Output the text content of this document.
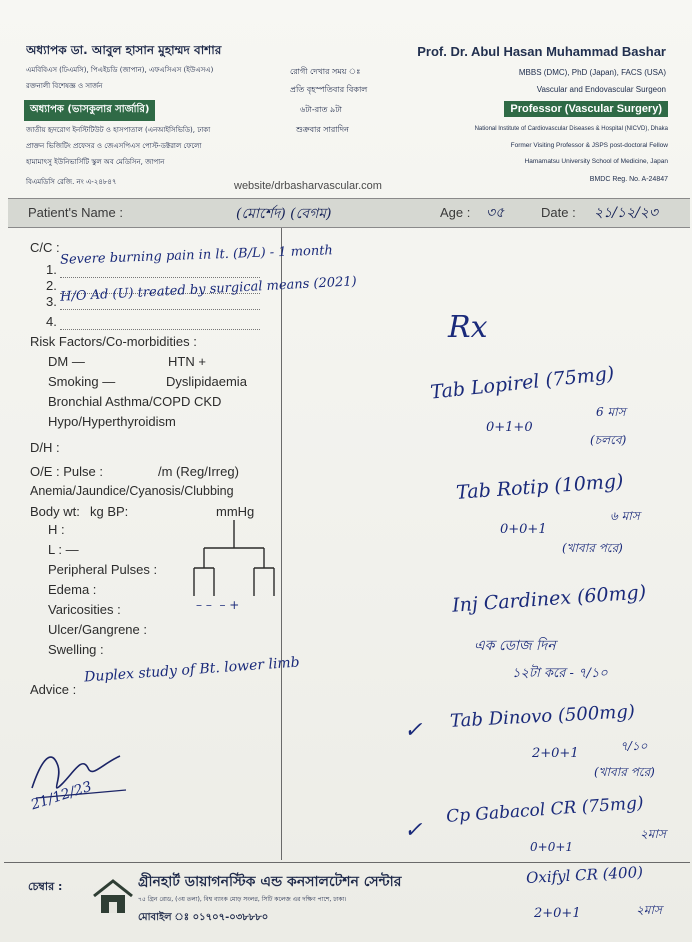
অধ্যাপক ডা. আবুল হাসান মুহাম্মদ বাশার
এমবিবিএস (ঢিএমসি), পিএইচডি (জাপান), এফএসিএস (ইউএসএ)
রক্তনালী বিশেষজ্ঞ ও সার্জন
অধ্যাপক (ভাসকুলার সার্জারি)
জাতীয় হৃদরোগ ইনস্টিটিউট ও হাসপাতাল (এনআইসিভিডি), ঢাকা
প্রাক্তন ভিজিটিং প্রফেসর ও জেএসপিএস পোস্ট-ডক্টরাল ফেলো
হামামাৎসু ইউনিভার্সিটি স্কুল অব মেডিসিন, জাপান
বিএমডিসি রেজি. নং এ-২৪৮৪৭
রোগী দেখার সময় ঃ
প্রতি বৃহস্পতিবার বিকাল
৬টা-রাত ৯টা
শুক্রবার সারাদিন
Prof. Dr. Abul Hasan Muhammad Bashar
MBBS (DMC), PhD (Japan), FACS (USA)
Vascular and Endovascular Surgeon
Professor (Vascular Surgery)
National Institute of Cardiovascular Diseases & Hospital (NICVD), Dhaka
Former Visiting Professor & JSPS post-doctoral Fellow
Hamamatsu University School of Medicine, Japan
BMDC Reg. No. A-24847
website/drbasharvascular.com
Patient's Name :	(মোর্শেদ) (বেগম)	Age : ৩৫	Date : ২১/১২/২৩
C/C :
1.
2.
3.
4.
Severe burning pain in lt. (B/L) - 1 month
H/O Ad (U) treated by surgical means (2021)
Risk Factors/Co-morbidities :
DM —	HTN +
Smoking —	Dyslipidaemia
Bronchial Asthma/COPD CKD
Hypo/Hyperthyroidism
D/H :
O/E : Pulse :	/m (Reg/Irreg)
Anemia/Jaundice/Cyanosis/Clubbing
Body wt: kg BP:	mmHg
H :
L : —
Peripheral Pulses :
Edema :
Varicosities :
Ulcer/Gangrene :
Swelling :
– –  – +
Advice :
Duplex study of Bt. lower limb
21/12/23
Rx
Tab Lopirel (75mg)
0+1+0
6 মাস
(চলবে)
Tab Rotip (10mg)
0+0+1
৬ মাস
(খাবার পরে)
Inj Cardinex (60mg)
এক ডোজ দিন
১২টা করে - ৭/১০
✓ Tab Dinovo (500mg)
2+0+1	৭/১০
(খাবার পরে)
✓
Cp Gabacol CR (75mg)
0+0+1
২মাস
Oxifyl CR (400)
2+0+1	২মাস
চেম্বার :	গ্রীনহার্ট ডায়াগনস্টিক এন্ড কনসালটেশন সেন্টার
৭৫ গ্রিন রোড, (৩য় তলা), বিশ্ব ব্যাংক মোড় সংলগ্ন, সিটি কলেজ এর দক্ষিণ পাশে, ঢাকা।
মোবাইল ঃ ০১৭০৭-০৩৮৮৮০
